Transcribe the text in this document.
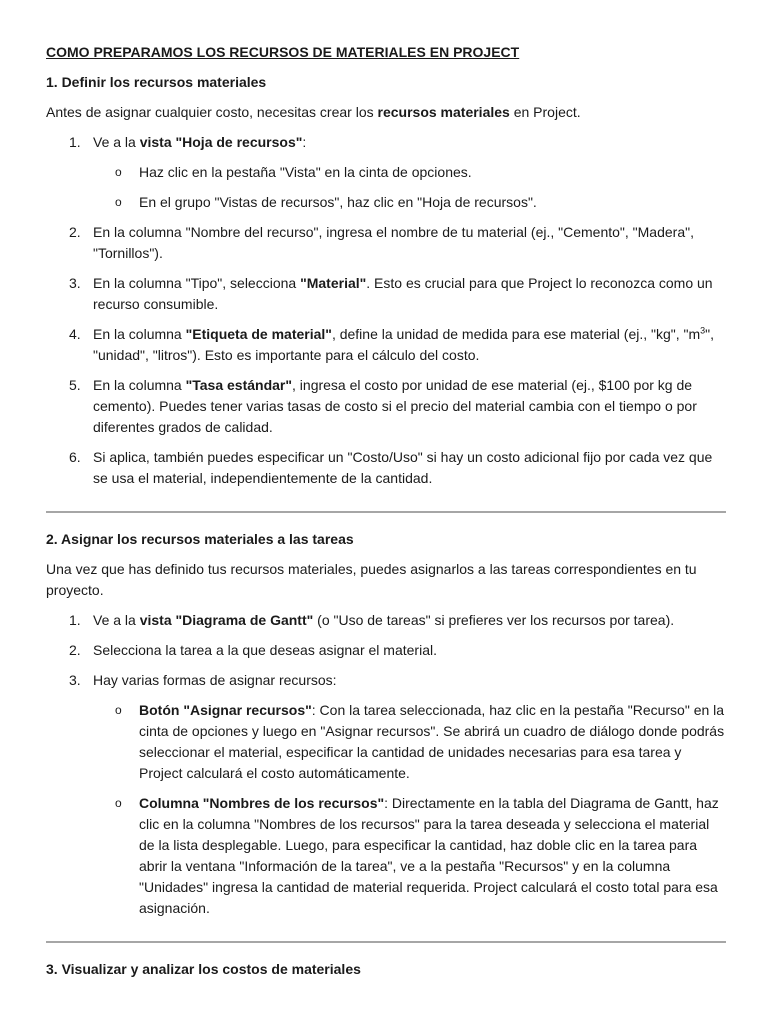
COMO PREPARAMOS LOS RECURSOS DE MATERIALES EN PROJECT
1. Definir los recursos materiales
Antes de asignar cualquier costo, necesitas crear los recursos materiales en Project.
1. Ve a la vista "Hoja de recursos":
o Haz clic en la pestaña "Vista" en la cinta de opciones.
o En el grupo "Vistas de recursos", haz clic en "Hoja de recursos".
2. En la columna "Nombre del recurso", ingresa el nombre de tu material (ej., "Cemento", "Madera", "Tornillos").
3. En la columna "Tipo", selecciona "Material". Esto es crucial para que Project lo reconozca como un recurso consumible.
4. En la columna "Etiqueta de material", define la unidad de medida para ese material (ej., "kg", "$m^3$", "unidad", "litros"). Esto es importante para el cálculo del costo.
5. En la columna "Tasa estándar", ingresa el costo por unidad de ese material (ej., $100 por kg de cemento). Puedes tener varias tasas de costo si el precio del material cambia con el tiempo o por diferentes grados de calidad.
6. Si aplica, también puedes especificar un "Costo/Uso" si hay un costo adicional fijo por cada vez que se usa el material, independientemente de la cantidad.
2. Asignar los recursos materiales a las tareas
Una vez que has definido tus recursos materiales, puedes asignarlos a las tareas correspondientes en tu proyecto.
1. Ve a la vista "Diagrama de Gantt" (o "Uso de tareas" si prefieres ver los recursos por tarea).
2. Selecciona la tarea a la que deseas asignar el material.
3. Hay varias formas de asignar recursos:
o Botón "Asignar recursos": Con la tarea seleccionada, haz clic en la pestaña "Recurso" en la cinta de opciones y luego en "Asignar recursos". Se abrirá un cuadro de diálogo donde podrás seleccionar el material, especificar la cantidad de unidades necesarias para esa tarea y Project calculará el costo automáticamente.
o Columna "Nombres de los recursos": Directamente en la tabla del Diagrama de Gantt, haz clic en la columna "Nombres de los recursos" para la tarea deseada y selecciona el material de la lista desplegable. Luego, para especificar la cantidad, haz doble clic en la tarea para abrir la ventana "Información de la tarea", ve a la pestaña "Recursos" y en la columna "Unidades" ingresa la cantidad de material requerida. Project calculará el costo total para esa asignación.
3. Visualizar y analizar los costos de materiales
